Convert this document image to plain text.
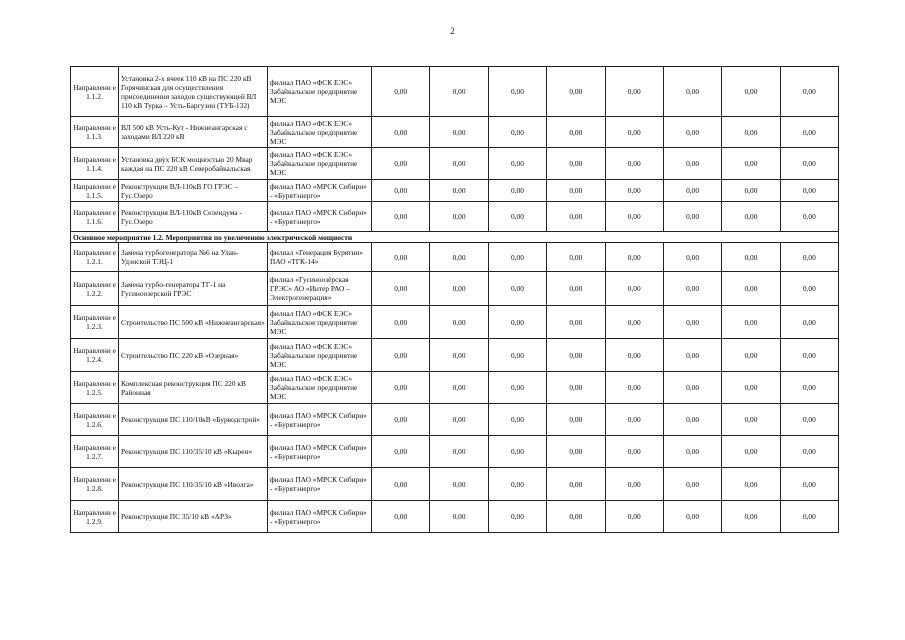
2
Направлени е 1.1.2.	Установка 2-х ячеек 110 кВ на ПС 220 кВ Горячинская для осуществления присоединения заходов существующей ВЛ 110 кВ Турка – Усть-Баргузин (ТУБ-132)	филиал ПАО «ФСК ЕЭС» Забайкальское предприятие МЭС	0,00	0,00	0,00	0,00	0,00	0,00	0,00	0,00
Направлени е 1.1.3.	ВЛ 500 кВ Усть-Кут - Нижнеангарская с заходами ВЛ 220 кВ	филиал ПАО «ФСК ЕЭС» Забайкальское предприятие МЭС	0,00	0,00	0,00	0,00	0,00	0,00	0,00	0,00
Направлени е 1.1.4.	Установка двух БСК мощностью 20 Мвар каждая на ПС 220 кВ Северобайкальская	филиал ПАО «ФСК ЕЭС» Забайкальское предприятие МЭС	0,00	0,00	0,00	0,00	0,00	0,00	0,00	0,00
Направлени е 1.1.5.	Реконструкция ВЛ-110кВ ГО ГРЭС – Гус.Озеро	филиал ПАО «МРСК Сибири» - «Бурятэнерго»	0,00	0,00	0,00	0,00	0,00	0,00	0,00	0,00
Направлени е 1.1.6.	Реконструкция ВЛ-110кВ Селендума - Гус.Озеро	филиал ПАО «МРСК Сибири» - «Бурятэнерго»	0,00	0,00	0,00	0,00	0,00	0,00	0,00	0,00
Основное мероприятие 1.2. Мероприятия по увеличению электрической мощности										
Направлени е 1.2.1.	Замена турбогенератора №6 на Улан-Удэнской ТЭЦ-1	филиал «Генерация Бурятии» ПАО «ТГК-14»	0,00	0,00	0,00	0,00	0,00	0,00	0,00	0,00
Направлени е 1.2.2.	Замена турбо-генератора ТГ-1 на Гусиноозерской ГРЭС	филиал «Гусиноозёрская ГРЭС» АО «Интер РАО – Электрогенерация»	0,00	0,00	0,00	0,00	0,00	0,00	0,00	0,00
Направлени е 1.2.3.	Строительство ПС 500 кВ «Нижнеангарская»	филиал ПАО «ФСК ЕЭС» Забайкальское предприятие МЭС	0,00	0,00	0,00	0,00	0,00	0,00	0,00	0,00
Направлени е 1.2.4.	Строительство ПС 220 кВ «Озерная»	филиал ПАО «ФСК ЕЭС» Забайкальское предприятие МЭС	0,00	0,00	0,00	0,00	0,00	0,00	0,00	0,00
Направлени е 1.2.5.	Комплексная реконструкция ПС 220 кВ Районная	филиал ПАО «ФСК ЕЭС» Забайкальское предприятие МЭС	0,00	0,00	0,00	0,00	0,00	0,00	0,00	0,00
Направлени е 1.2.6.	Реконструкция ПС 110/10кВ «Бурводстрой»	филиал ПАО «МРСК Сибири» - «Бурятэнерго»	0,00	0,00	0,00	0,00	0,00	0,00	0,00	0,00
Направлени е 1.2.7.	Реконструкция ПС 110/35/10 кВ «Кырен»	филиал ПАО «МРСК Сибири» - «Бурятэнерго»	0,00	0,00	0,00	0,00	0,00	0,00	0,00	0,00
Направлени е 1.2.8.	Реконструкция ПС 110/35/10 кВ «Иволга»	филиал ПАО «МРСК Сибири» - «Бурятэнерго»	0,00	0,00	0,00	0,00	0,00	0,00	0,00	0,00
Направлени е 1.2.9.	Реконструкция ПС 35/10 кВ «АРЗ»	филиал ПАО «МРСК Сибири» - «Бурятэнерго»	0,00	0,00	0,00	0,00	0,00	0,00	0,00	0,00
